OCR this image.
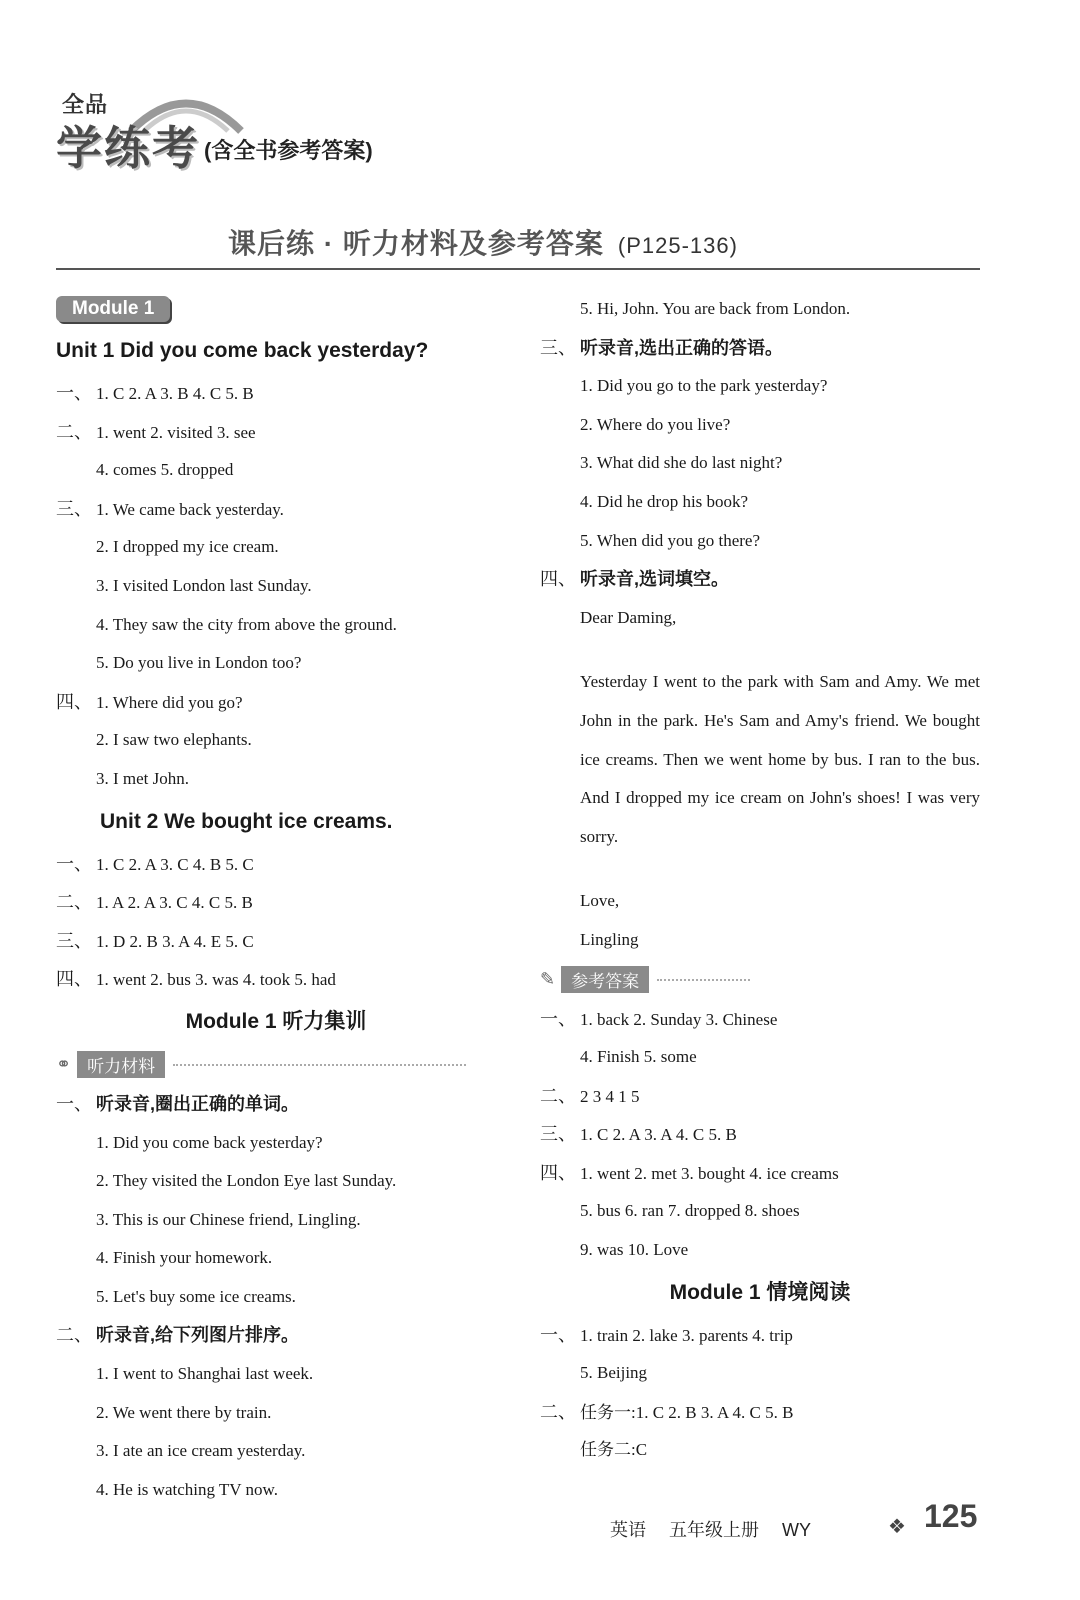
全品
学练考 (含全书参考答案)
课后练 · 听力材料及参考答案 (P125-136)
Module 1
Unit 1 Did you come back yesterday?
一、 1. C 2. A 3. B 4. C 5. B
二、 1. went 2. visited 3. see
4. comes 5. dropped
三、 1. We came back yesterday.
2. I dropped my ice cream.
3. I visited London last Sunday.
4. They saw the city from above the ground.
5. Do you live in London too?
四、 1. Where did you go?
2. I saw two elephants.
3. I met John.
Unit 2 We bought ice creams.
一、 1. C 2. A 3. C 4. B 5. C
二、 1. A 2. A 3. C 4. C 5. B
三、 1. D 2. B 3. A 4. E 5. C
四、 1. went 2. bus 3. was 4. took 5. had
Module 1 听力集训
⚭ 听力材料
一、 听录音,圈出正确的单词。
1. Did you come back yesterday?
2. They visited the London Eye last Sunday.
3. This is our Chinese friend, Lingling.
4. Finish your homework.
5. Let's buy some ice creams.
二、 听录音,给下列图片排序。
1. I went to Shanghai last week.
2. We went there by train.
3. I ate an ice cream yesterday.
4. He is watching TV now.
5. Hi, John. You are back from London.
三、 听录音,选出正确的答语。
1. Did you go to the park yesterday?
2. Where do you live?
3. What did she do last night?
4. Did he drop his book?
5. When did you go there?
四、 听录音,选词填空。
Dear Daming,
Yesterday I went to the park with Sam and Amy. We met John in the park. He's Sam and Amy's friend. We bought ice creams. Then we went home by bus. I ran to the bus. And I dropped my ice cream on John's shoes! I was very sorry.
Love,
Lingling
✎ 参考答案
一、 1. back 2. Sunday 3. Chinese
4. Finish 5. some
二、 2 3 4 1 5
三、 1. C 2. A 3. A 4. C 5. B
四、 1. went 2. met 3. bought 4. ice creams
5. bus 6. ran 7. dropped 8. shoes
9. was 10. Love
Module 1 情境阅读
一、 1. train 2. lake 3. parents 4. trip
5. Beijing
二、 任务一:1. C 2. B 3. A 4. C 5. B
任务二:C
英语 五年级上册 WY	❖ 125
